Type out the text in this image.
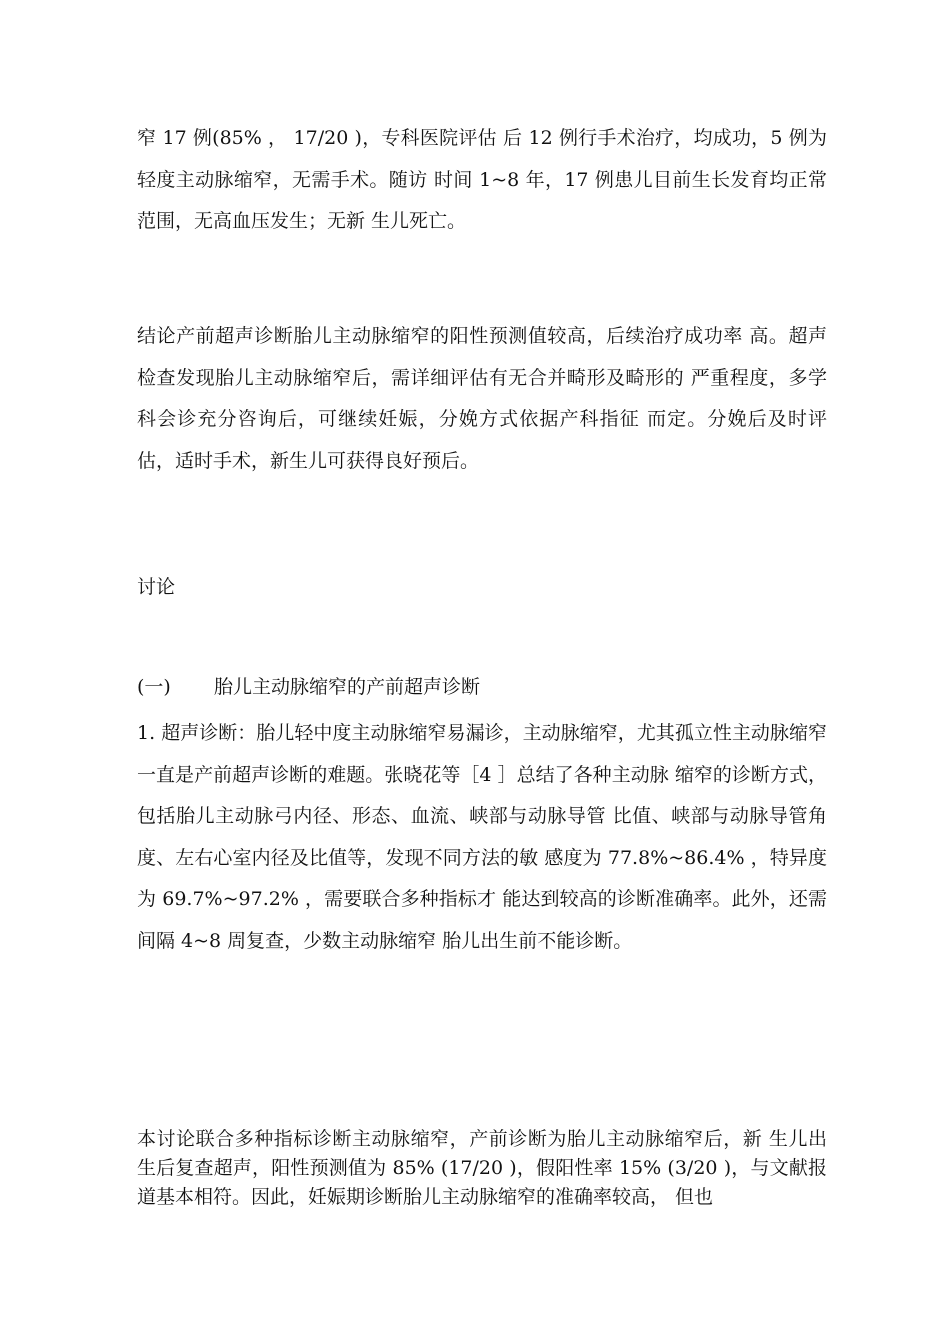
窄 17 例(85% ， 17/20 )，专科医院评估 后 12 例行手术治疗，均成功，5 例为轻度主动脉缩窄，无需手术。随访 时间 1~8 年，17 例患儿目前生长发育均正常范围，无高血压发生；无新 生儿死亡。

结论产前超声诊断胎儿主动脉缩窄的阳性预测值较高，后续治疗成功率 高。超声检查发现胎儿主动脉缩窄后，需详细评估有无合并畸形及畸形的 严重程度，多学科会诊充分咨询后，可继续妊娠，分娩方式依据产科指征 而定。分娩后及时评估，适时手术，新生儿可获得良好预后。

讨论
(一) 胎儿主动脉缩窄的产前超声诊断

1. 超声诊断：胎儿轻中度主动脉缩窄易漏诊，主动脉缩窄，尤其孤立性主动脉缩窄一直是产前超声诊断的难题。张晓花等［4 ］总结了各种主动脉 缩窄的诊断方式，包括胎儿主动脉弓内径、形态、血流、峡部与动脉导管 比值、峡部与动脉导管角度、左右心室内径及比值等，发现不同方法的敏 感度为 77.8%~86.4% ，特异度为 69.7%~97.2% ，需要联合多种指标才 能达到较高的诊断准确率。此外，还需间隔 4~8 周复查，少数主动脉缩窄 胎儿出生前不能诊断。

本讨论联合多种指标诊断主动脉缩窄，产前诊断为胎儿主动脉缩窄后，新 生儿出生后复查超声，阳性预测值为 85% (17/20 )，假阳性率 15% (3/20 )，与文献报道基本相符。因此，妊娠期诊断胎儿主动脉缩窄的准确率较高， 但也
